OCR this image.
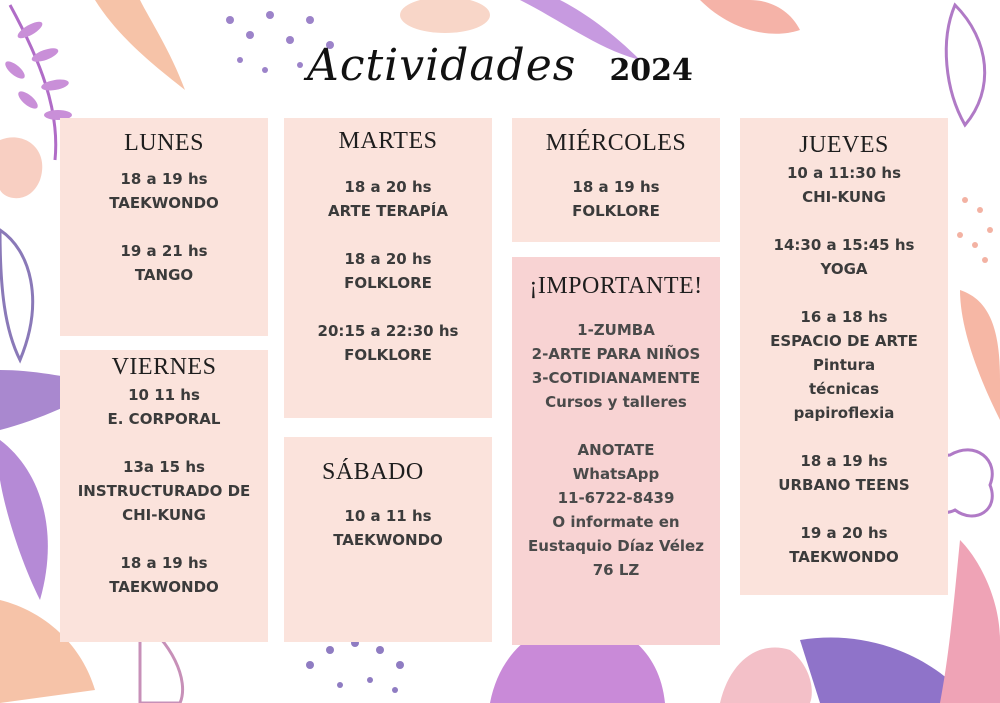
Actividades 2024
LUNES
18 a 19 hs
TAEKWONDO
19 a 21 hs
TANGO
VIERNES
10 11 hs
E. CORPORAL
13a 15 hs
INSTRUCTURADO DE
CHI-KUNG
18 a 19 hs
TAEKWONDO
MARTES
18 a 20 hs
ARTE TERAPÍA
18 a 20 hs
FOLKLORE
20:15 a 22:30 hs
FOLKLORE
SÁBADO
10 a 11 hs
TAEKWONDO
MIÉRCOLES
18 a 19 hs
FOLKLORE
¡IMPORTANTE!
1-ZUMBA
2-ARTE PARA NIÑOS
3-COTIDIANAMENTE
Cursos y talleres
ANOTATE
WhatsApp
11-6722-8439
O informate en
Eustaquio Díaz Vélez
76 LZ
JUEVES
10 a 11:30 hs
CHI-KUNG
14:30 a 15:45 hs
YOGA
16 a 18 hs
ESPACIO DE ARTE
Pintura
técnicas
papiroflexia
18 a 19 hs
URBANO TEENS
19 a 20 hs
TAEKWONDO
